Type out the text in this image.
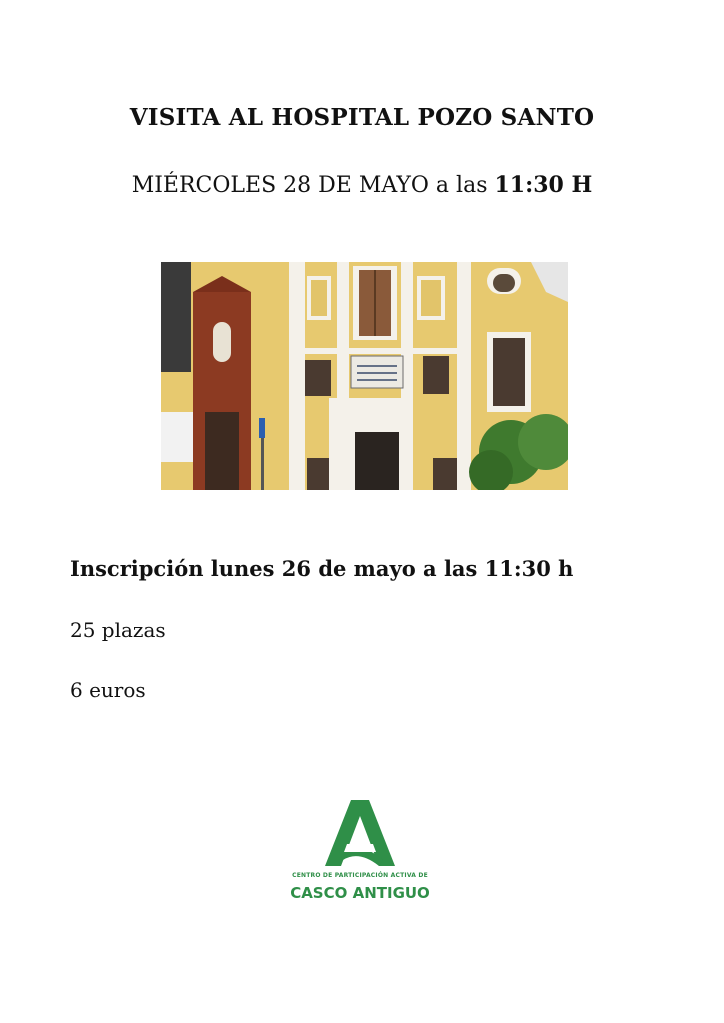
VISITA AL HOSPITAL POZO SANTO
MIÉRCOLES 28 DE MAYO a las 11:30 H
Inscripción lunes 26 de mayo a las 11:30 h
25 plazas
6 euros
CENTRO DE PARTICIPACIÓN ACTIVA DE
CASCO ANTIGUO
